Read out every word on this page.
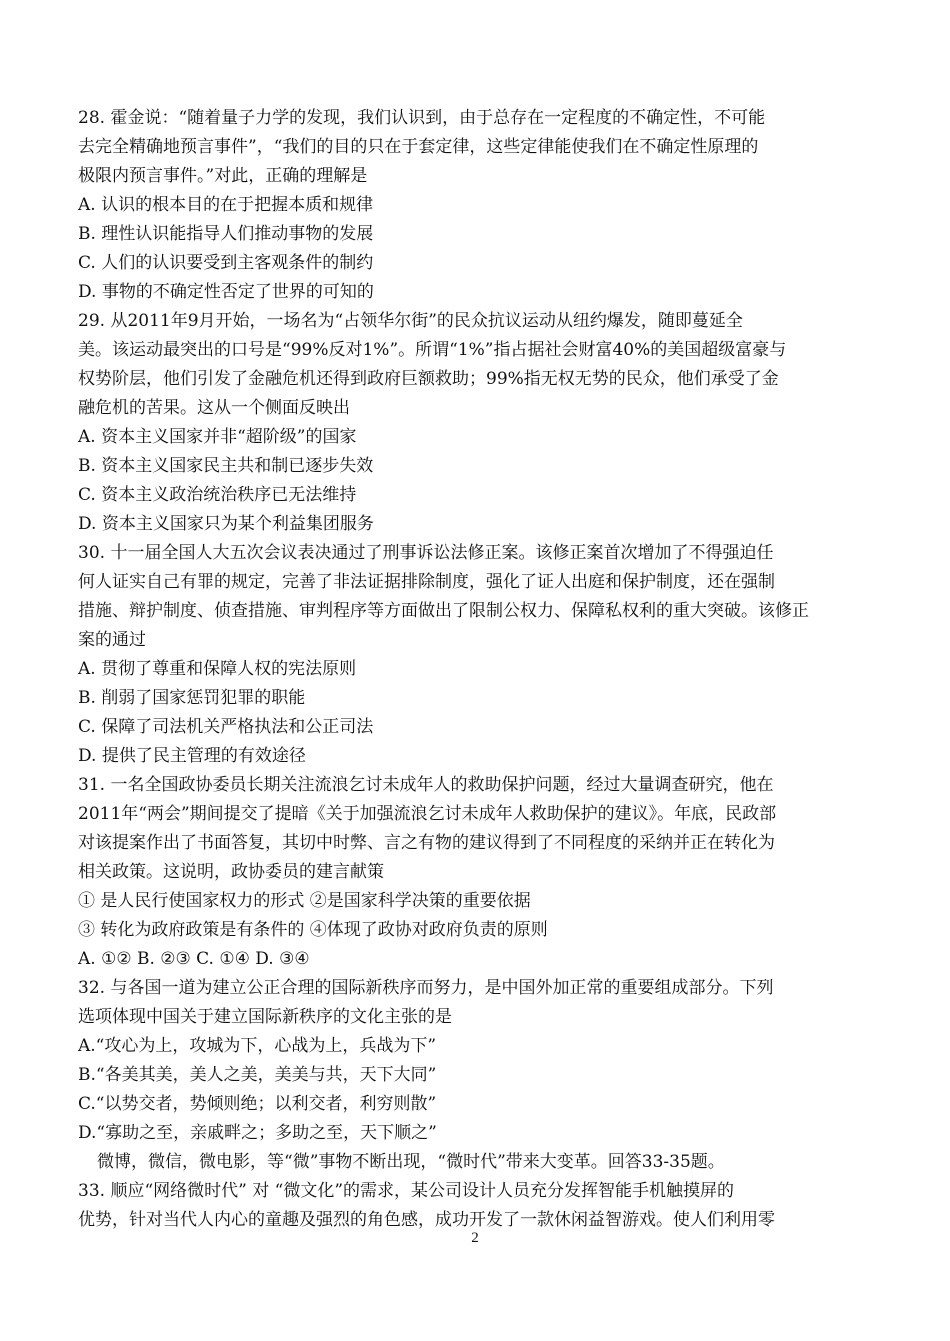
28. 霍金说：“随着量子力学的发现，我们认识到，由于总存在一定程度的不确定性，不可能
去完全精确地预言事件”，“我们的目的只在于套定律，这些定律能使我们在不确定性原理的
极限内预言事件。”对此，正确的理解是
A. 认识的根本目的在于把握本质和规律
B. 理性认识能指导人们推动事物的发展
C. 人们的认识要受到主客观条件的制约
D. 事物的不确定性否定了世界的可知的
29. 从2011年9月开始，一场名为“占领华尔街”的民众抗议运动从纽约爆发，随即蔓延全
美。该运动最突出的口号是“99%反对1%”。所谓“1%”指占据社会财富40%的美国超级富豪与
权势阶层，他们引发了金融危机还得到政府巨额救助；99%指无权无势的民众，他们承受了金
融危机的苦果。这从一个侧面反映出
A. 资本主义国家并非“超阶级”的国家
B. 资本主义国家民主共和制已逐步失效
C. 资本主义政治统治秩序已无法维持
D. 资本主义国家只为某个利益集团服务
30. 十一届全国人大五次会议表决通过了刑事诉讼法修正案。该修正案首次增加了不得强迫任
何人证实自己有罪的规定，完善了非法证据排除制度，强化了证人出庭和保护制度，还在强制
措施、辩护制度、侦查措施、审判程序等方面做出了限制公权力、保障私权利的重大突破。该修正
案的通过
A. 贯彻了尊重和保障人权的宪法原则
B. 削弱了国家惩罚犯罪的职能
C. 保障了司法机关严格执法和公正司法
D. 提供了民主管理的有效途径
31. 一名全国政协委员长期关注流浪乞讨未成年人的救助保护问题，经过大量调查研究，他在
2011年“两会”期间提交了提暗《关于加强流浪乞讨未成年人救助保护的建议》。年底，民政部
对该提案作出了书面答复，其切中时弊、言之有物的建议得到了不同程度的采纳并正在转化为
相关政策。这说明，政协委员的建言献策
① 是人民行使国家权力的形式 ②是国家科学决策的重要依据
③ 转化为政府政策是有条件的 ④体现了政协对政府负责的原则
A. ①② B. ②③ C. ①④ D. ③④
32. 与各国一道为建立公正合理的国际新秩序而努力，是中国外加正常的重要组成部分。下列
选项体现中国关于建立国际新秩序的文化主张的是
A.“攻心为上，攻城为下，心战为上，兵战为下”
B.“各美其美，美人之美，美美与共，天下大同”
C.“以势交者，势倾则绝；以利交者，利穷则散”
D.“寡助之至，亲戚畔之；多助之至，天下顺之”
微博，微信，微电影，等“微”事物不断出现，“微时代”带来大变革。回答33-35题。
33. 顺应“网络微时代” 对 “微文化”的需求，某公司设计人员充分发挥智能手机触摸屏的
优势，针对当代人内心的童趣及强烈的角色感，成功开发了一款休闲益智游戏。使人们利用零
2
